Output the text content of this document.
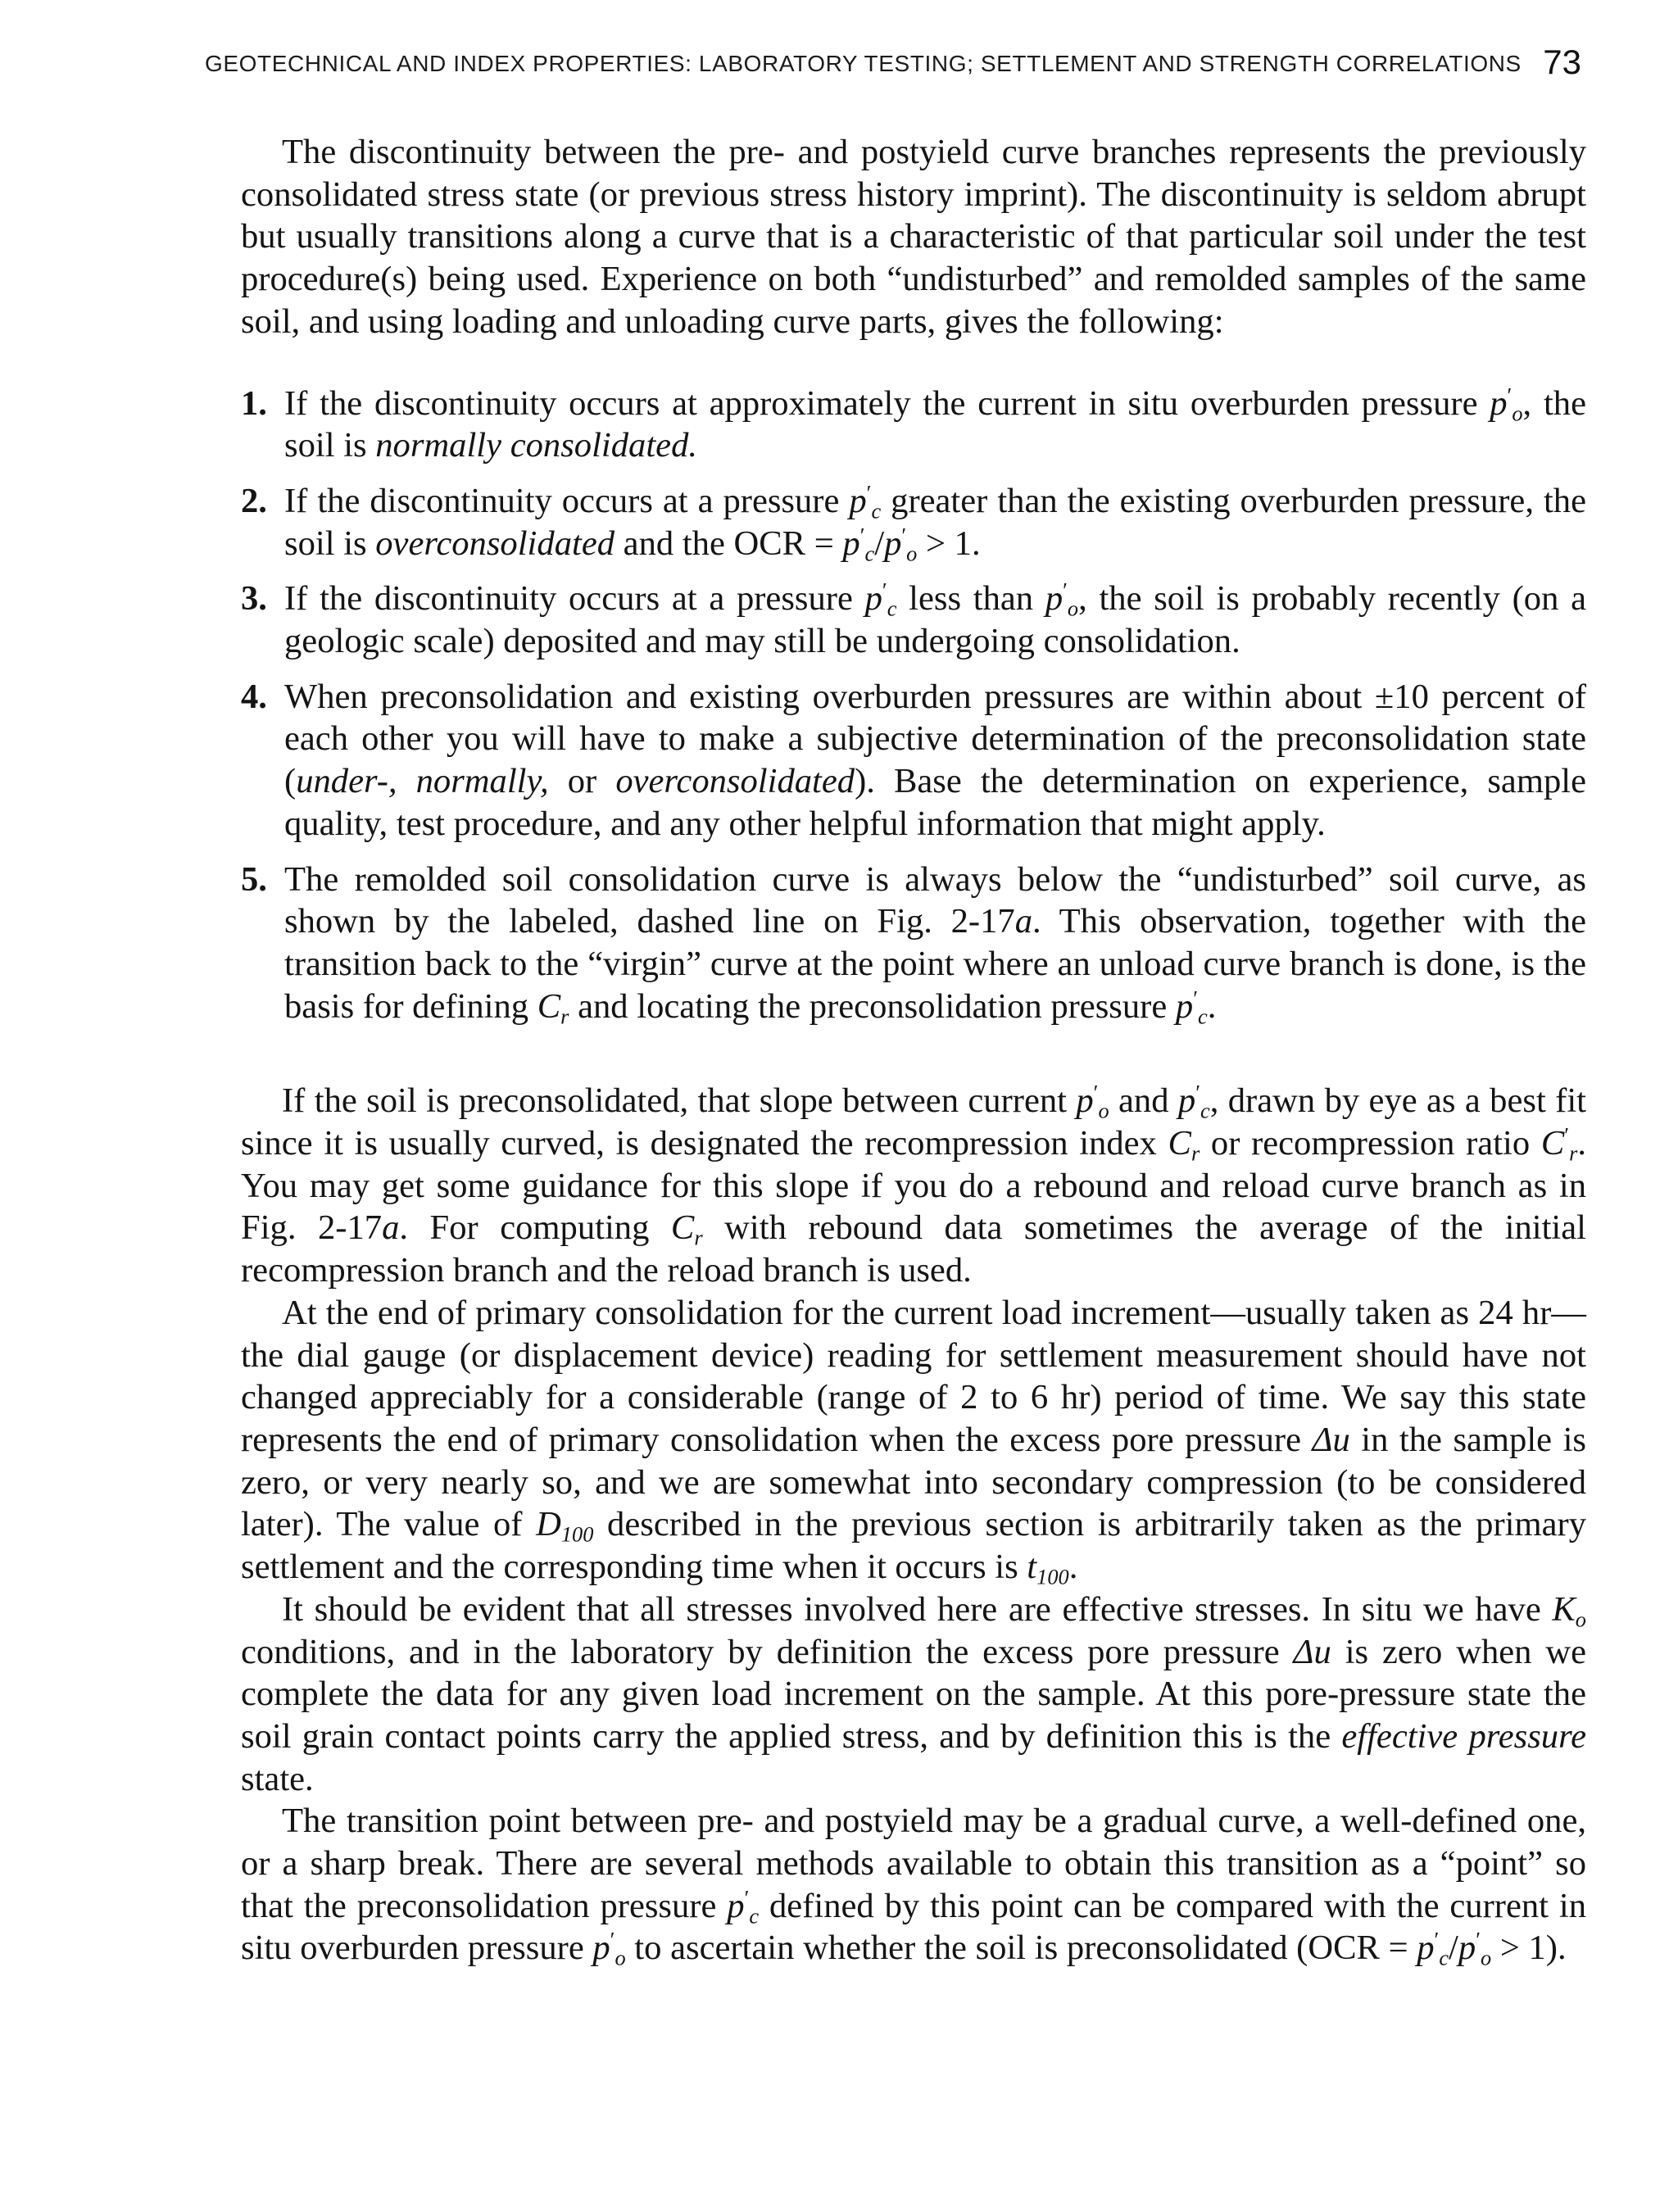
GEOTECHNICAL AND INDEX PROPERTIES: LABORATORY TESTING; SETTLEMENT AND STRENGTH CORRELATIONS 73

The discontinuity between the pre- and postyield curve branches represents the previously consolidated stress state (or previous stress history imprint). The discontinuity is seldom abrupt but usually transitions along a curve that is a characteristic of that particular soil under the test procedure(s) being used. Experience on both “undisturbed” and remolded samples of the same soil, and using loading and unloading curve parts, gives the following:

1. If the discontinuity occurs at approximately the current in situ overburden pressure $p'_o$, the soil is normally consolidated.
2. If the discontinuity occurs at a pressure $p'_c$ greater than the existing overburden pressure, the soil is overconsolidated and the OCR = $p'_c/p'_o > 1$.
3. If the discontinuity occurs at a pressure $p'_c$ less than $p'_o$, the soil is probably recently (on a geologic scale) deposited and may still be undergoing consolidation.
4. When preconsolidation and existing overburden pressures are within about ±10 percent of each other you will have to make a subjective determination of the preconsolidation state (under-, normally, or overconsolidated). Base the determination on experience, sample quality, test procedure, and any other helpful information that might apply.
5. The remolded soil consolidation curve is always below the “undisturbed” soil curve, as shown by the labeled, dashed line on Fig. 2-17a. This observation, together with the transition back to the “virgin” curve at the point where an unload curve branch is done, is the basis for defining $C_r$ and locating the preconsolidation pressure $p'_c$.

If the soil is preconsolidated, that slope between current $p'_o$ and $p'_c$, drawn by eye as a best fit since it is usually curved, is designated the recompression index $C_r$ or recompression ratio $C'_r$. You may get some guidance for this slope if you do a rebound and reload curve branch as in Fig. 2-17a. For computing $C_r$ with rebound data sometimes the average of the initial recompression branch and the reload branch is used.

At the end of primary consolidation for the current load increment—usually taken as 24 hr—the dial gauge (or displacement device) reading for settlement measurement should have not changed appreciably for a considerable (range of 2 to 6 hr) period of time. We say this state represents the end of primary consolidation when the excess pore pressure Δu in the sample is zero, or very nearly so, and we are somewhat into secondary compression (to be considered later). The value of $D_{100}$ described in the previous section is arbitrarily taken as the primary settlement and the corresponding time when it occurs is $t_{100}$.

It should be evident that all stresses involved here are effective stresses. In situ we have $K_o$ conditions, and in the laboratory by definition the excess pore pressure Δu is zero when we complete the data for any given load increment on the sample. At this pore-pressure state the soil grain contact points carry the applied stress, and by definition this is the effective pressure state.

The transition point between pre- and postyield may be a gradual curve, a well-defined one, or a sharp break. There are several methods available to obtain this transition as a “point” so that the preconsolidation pressure $p'_c$ defined by this point can be compared with the current in situ overburden pressure $p'_o$ to ascertain whether the soil is preconsolidated $(OCR = p'_c/p'_o > 1)$.
